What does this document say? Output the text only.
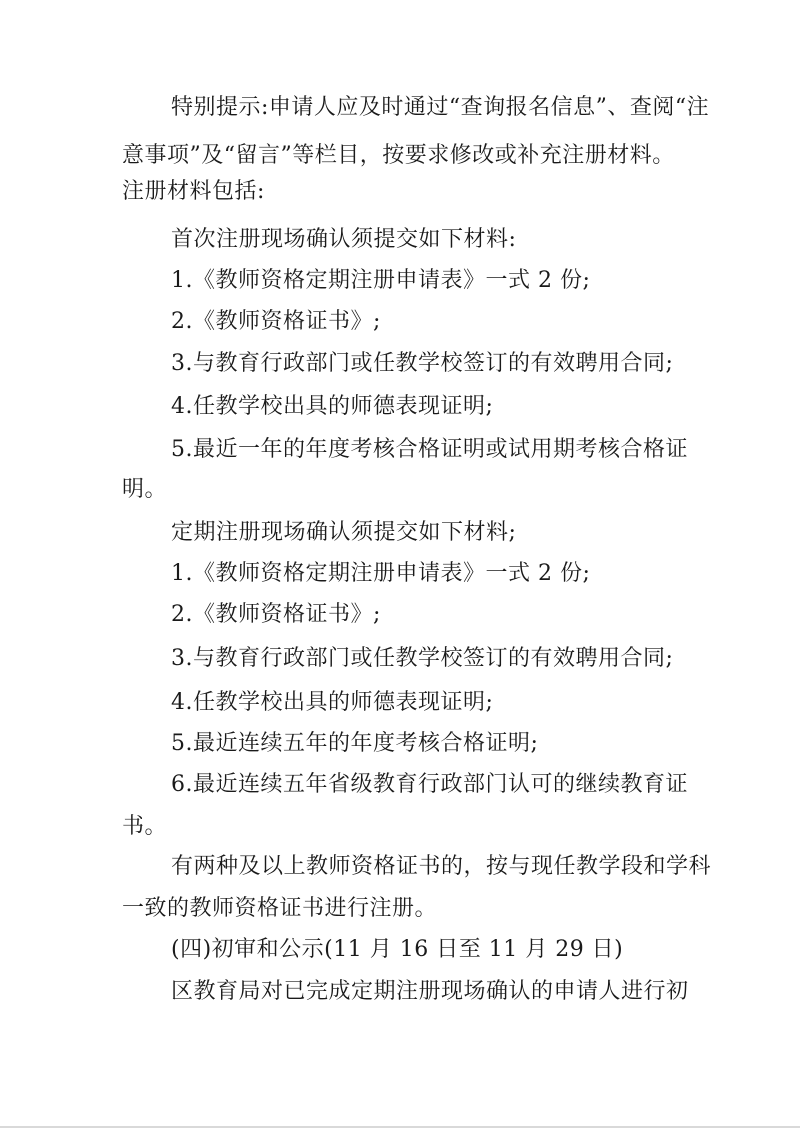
特别提示:申请人应及时通过“查询报名信息”、查阅“注
意事项”及“留言”等栏目，按要求修改或补充注册材料。
注册材料包括:
首次注册现场确认须提交如下材料:
1.《教师资格定期注册申请表》一式 2 份;
2.《教师资格证书》;
3.与教育行政部门或任教学校签订的有效聘用合同;
4.任教学校出具的师德表现证明;
5.最近一年的年度考核合格证明或试用期考核合格证
明。
定期注册现场确认须提交如下材料;
1.《教师资格定期注册申请表》一式 2 份;
2.《教师资格证书》;
3.与教育行政部门或任教学校签订的有效聘用合同;
4.任教学校出具的师德表现证明;
5.最近连续五年的年度考核合格证明;
6.最近连续五年省级教育行政部门认可的继续教育证
书。
有两种及以上教师资格证书的，按与现任教学段和学科
一致的教师资格证书进行注册。
(四)初审和公示(11 月 16 日至 11 月 29 日)
区教育局对已完成定期注册现场确认的申请人进行初
